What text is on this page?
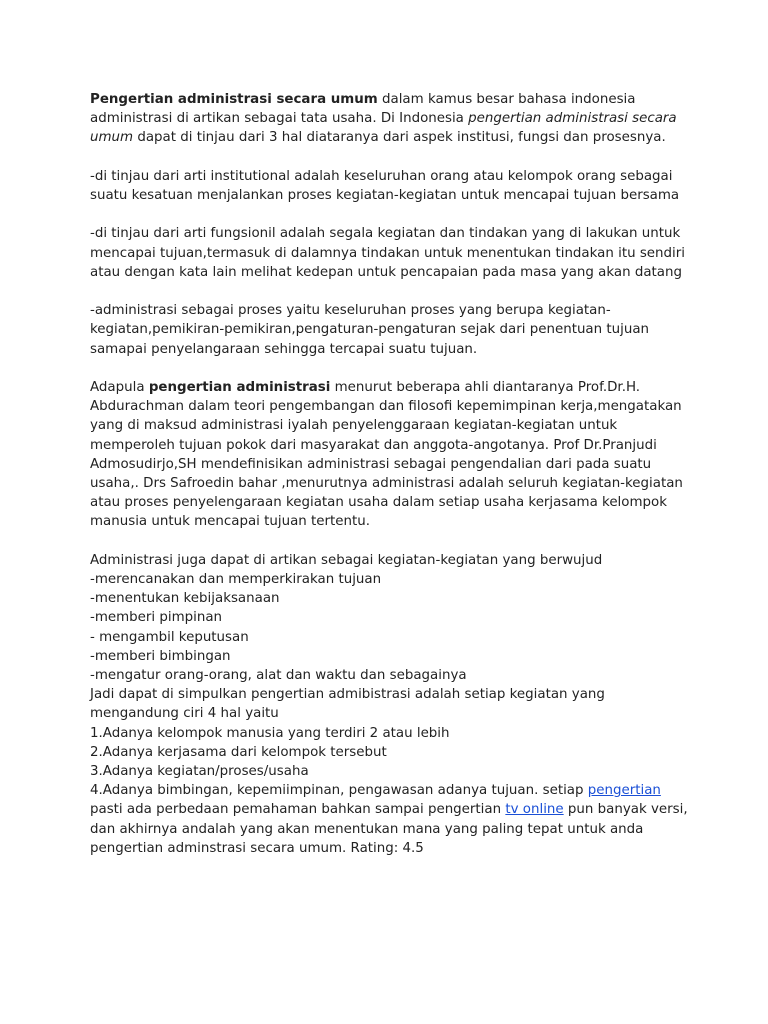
Pengertian administrasi secara umum dalam kamus besar bahasa indonesia administrasi di artikan sebagai tata usaha. Di Indonesia pengertian administrasi secara umum dapat di tinjau dari 3 hal diataranya dari aspek institusi, fungsi dan prosesnya.

-di tinjau dari arti institutional adalah keseluruhan orang atau kelompok orang sebagai suatu kesatuan menjalankan proses kegiatan-kegiatan untuk mencapai tujuan bersama

-di tinjau dari arti fungsionil adalah segala kegiatan dan tindakan yang di lakukan untuk mencapai tujuan,termasuk di dalamnya tindakan untuk menentukan tindakan itu sendiri atau dengan kata lain melihat kedepan untuk pencapaian pada masa yang akan datang

-administrasi sebagai proses yaitu keseluruhan proses yang berupa kegiatan-kegiatan,pemikiran-pemikiran,pengaturan-pengaturan sejak dari penentuan tujuan samapai penyelangaraan sehingga tercapai suatu tujuan.

Adapula pengertian administrasi menurut beberapa ahli diantaranya Prof.Dr.H. Abdurachman dalam teori pengembangan dan filosofi kepemimpinan kerja,mengatakan yang di maksud administrasi iyalah penyelenggaraan kegiatan-kegiatan untuk memperoleh tujuan pokok dari masyarakat dan anggota-angotanya. Prof Dr.Pranjudi Admosudirjo,SH mendefinisikan administrasi sebagai pengendalian dari pada suatu usaha,. Drs Safroedin bahar ,menurutnya administrasi adalah seluruh kegiatan-kegiatan atau proses penyelengaraan kegiatan usaha dalam setiap usaha kerjasama kelompok manusia untuk mencapai tujuan tertentu.

Administrasi juga dapat di artikan sebagai kegiatan-kegiatan yang berwujud
-merencanakan dan memperkirakan tujuan
-menentukan kebijaksanaan
-memberi pimpinan
- mengambil keputusan
-memberi bimbingan
-mengatur orang-orang, alat dan waktu dan sebagainya
Jadi dapat di simpulkan pengertian admibistrasi adalah setiap kegiatan yang mengandung ciri 4 hal yaitu
1.Adanya kelompok manusia yang terdiri 2 atau lebih
2.Adanya kerjasama dari kelompok tersebut
3.Adanya kegiatan/proses/usaha
4.Adanya bimbingan, kepemiimpinan, pengawasan adanya tujuan. setiap pengertian pasti ada perbedaan pemahaman bahkan sampai pengertian tv online pun banyak versi, dan akhirnya andalah yang akan menentukan mana yang paling tepat untuk anda pengertian adminstrasi secara umum. Rating: 4.5
